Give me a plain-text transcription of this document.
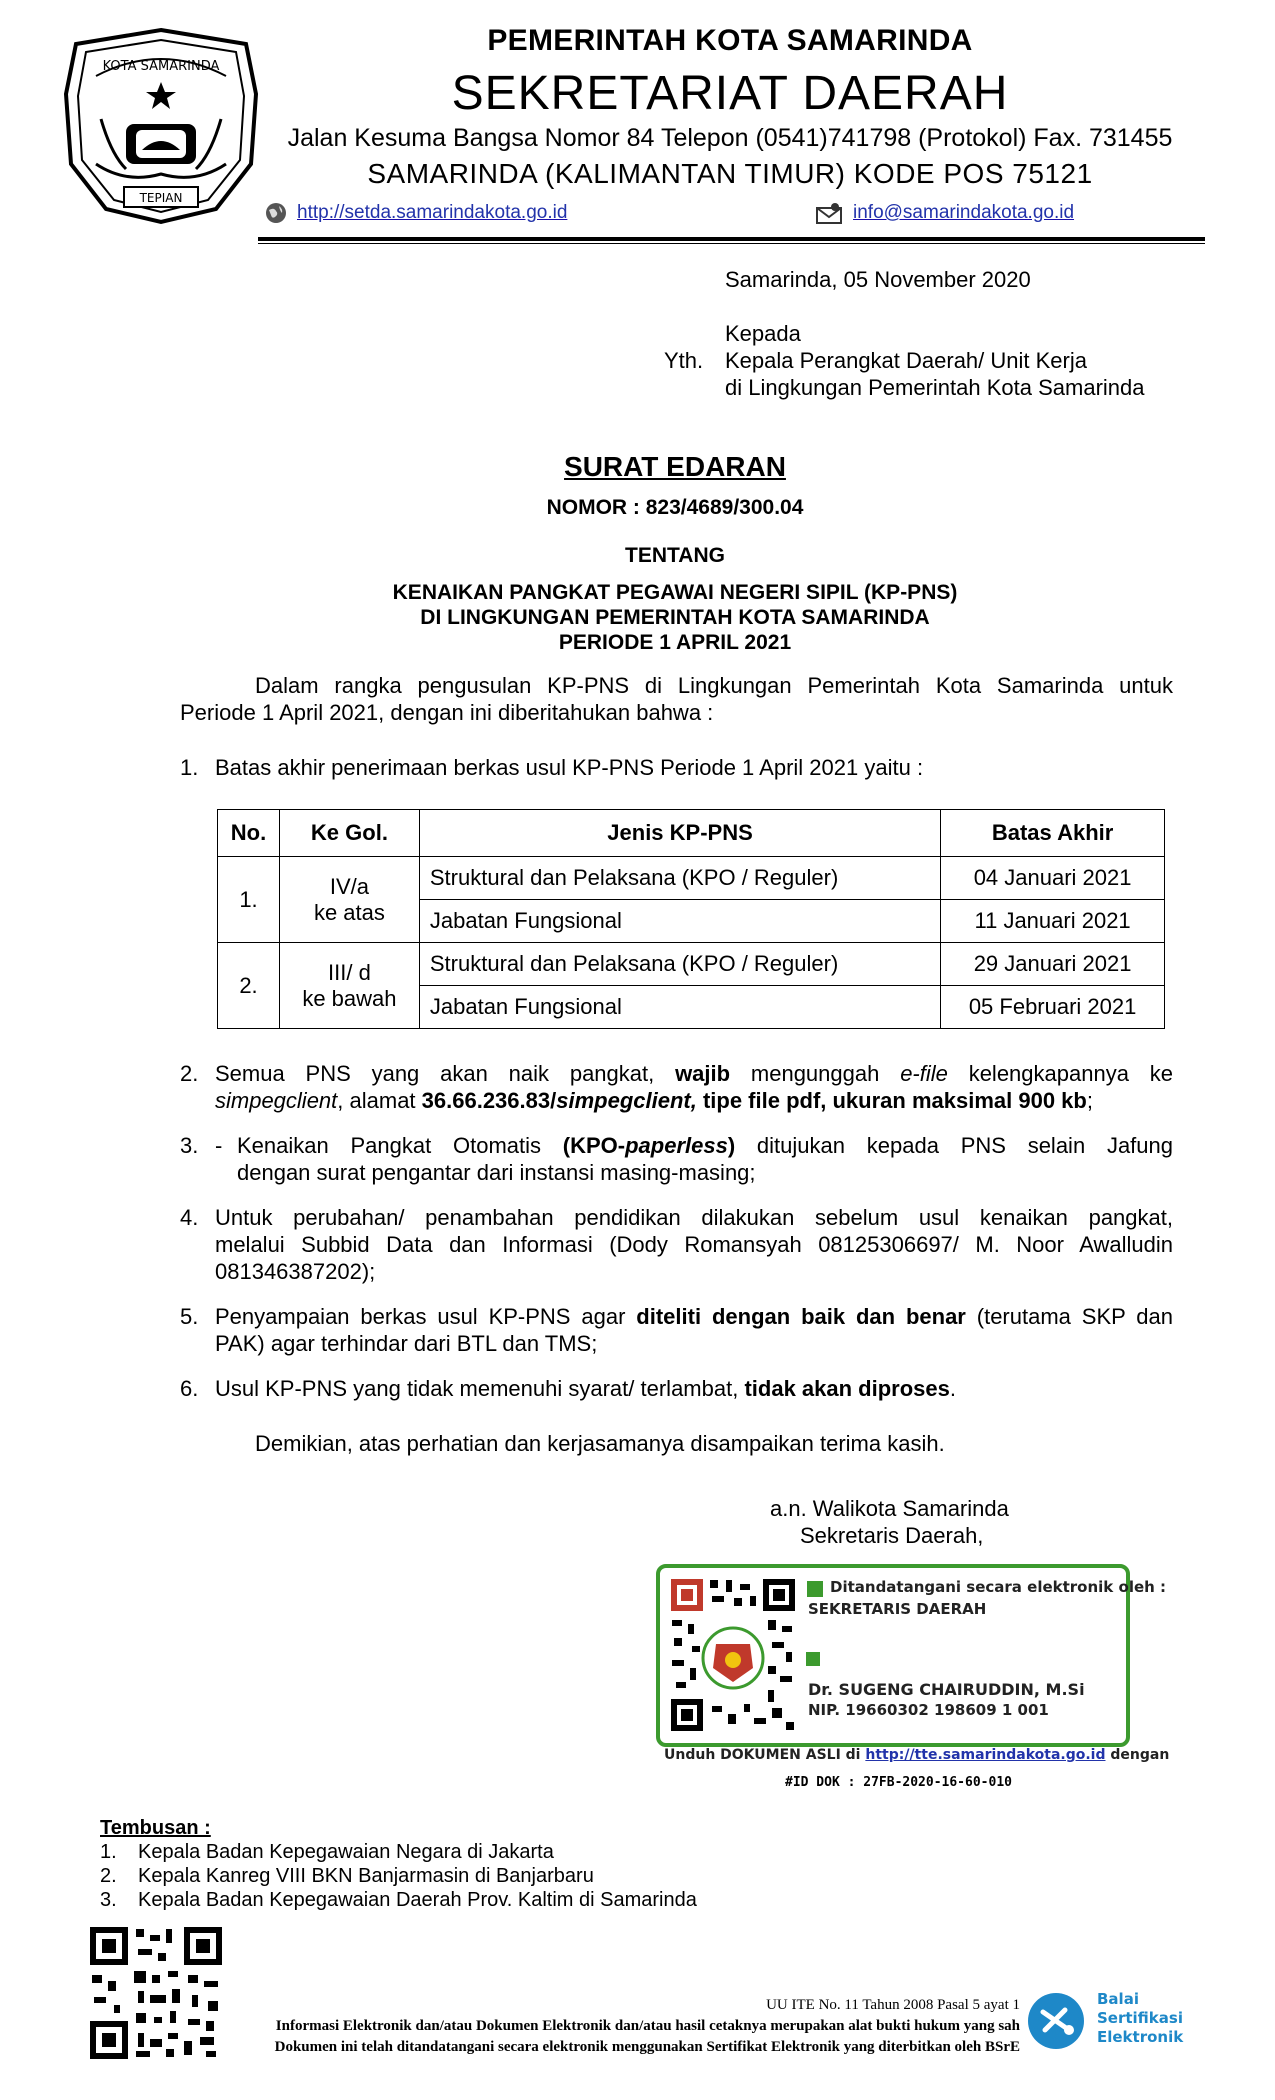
KOTA SAMARINDA
TEPIAN
PEMERINTAH KOTA SAMARINDA
SEKRETARIAT DAERAH
Jalan Kesuma Bangsa Nomor 84 Telepon (0541)741798 (Protokol) Fax. 731455
SAMARINDA (KALIMANTAN TIMUR) KODE POS 75121
http://setda.samarindakota.go.id	info@samarindakota.go.id
Samarinda, 05 November 2020
Kepada
Yth. Kepala Perangkat Daerah/ Unit Kerja
di Lingkungan Pemerintah Kota Samarinda
SURAT EDARAN
NOMOR : 823/4689/300.04
TENTANG
KENAIKAN PANGKAT PEGAWAI NEGERI SIPIL (KP-PNS)
DI LINGKUNGAN PEMERINTAH KOTA SAMARINDA
PERIODE 1 APRIL 2021
Dalam rangka pengusulan KP-PNS di Lingkungan Pemerintah Kota Samarinda untuk
Periode 1 April 2021, dengan ini diberitahukan bahwa :
1. Batas akhir penerimaan berkas usul KP-PNS Periode 1 April 2021 yaitu :
No.	Ke Gol.	Jenis KP-PNS	Batas Akhir
1.	IV/a
ke atas	Struktural dan Pelaksana (KPO / Reguler)	04 Januari 2021
		Jabatan Fungsional	11 Januari 2021
2.	III/ d
ke bawah	Struktural dan Pelaksana (KPO / Reguler)	29 Januari 2021
		Jabatan Fungsional	05 Februari 2021
2. Semua PNS yang akan naik pangkat, wajib mengunggah e-file kelengkapannya ke
simpegclient, alamat 36.66.236.83/simpegclient, tipe file pdf, ukuran maksimal 900 kb;
3. - Kenaikan Pangkat Otomatis (KPO-paperless) ditujukan kepada PNS selain Jafung
dengan surat pengantar dari instansi masing-masing;
4. Untuk perubahan/ penambahan pendidikan dilakukan sebelum usul kenaikan pangkat,
melalui Subbid Data dan Informasi (Dody Romansyah 08125306697/ M. Noor Awalludin
081346387202);
5. Penyampaian berkas usul KP-PNS agar diteliti dengan baik dan benar (terutama SKP dan
PAK) agar terhindar dari BTL dan TMS;
6. Usul KP-PNS yang tidak memenuhi syarat/ terlambat, tidak akan diproses.
Demikian, atas perhatian dan kerjasamanya disampaikan terima kasih.
a.n. Walikota Samarinda
Sekretaris Daerah,
Ditandatangani secara elektronik oleh :
SEKRETARIS DAERAH
Dr. SUGENG CHAIRUDDIN, M.Si
NIP. 19660302 198609 1 001
Unduh DOKUMEN ASLI di http://tte.samarindakota.go.id dengan
#ID DOK : 27FB-2020-16-60-010
Tembusan :
1. Kepala Badan Kepegawaian Negara di Jakarta
2. Kepala Kanreg VIII BKN Banjarmasin di Banjarbaru
3. Kepala Badan Kepegawaian Daerah Prov. Kaltim di Samarinda
UU ITE No. 11 Tahun 2008 Pasal 5 ayat 1
Informasi Elektronik dan/atau Dokumen Elektronik dan/atau hasil cetaknya merupakan alat bukti hukum yang sah
Dokumen ini telah ditandatangani secara elektronik menggunakan Sertifikat Elektronik yang diterbitkan oleh BSrE
Balai
Sertifikasi
Elektronik
